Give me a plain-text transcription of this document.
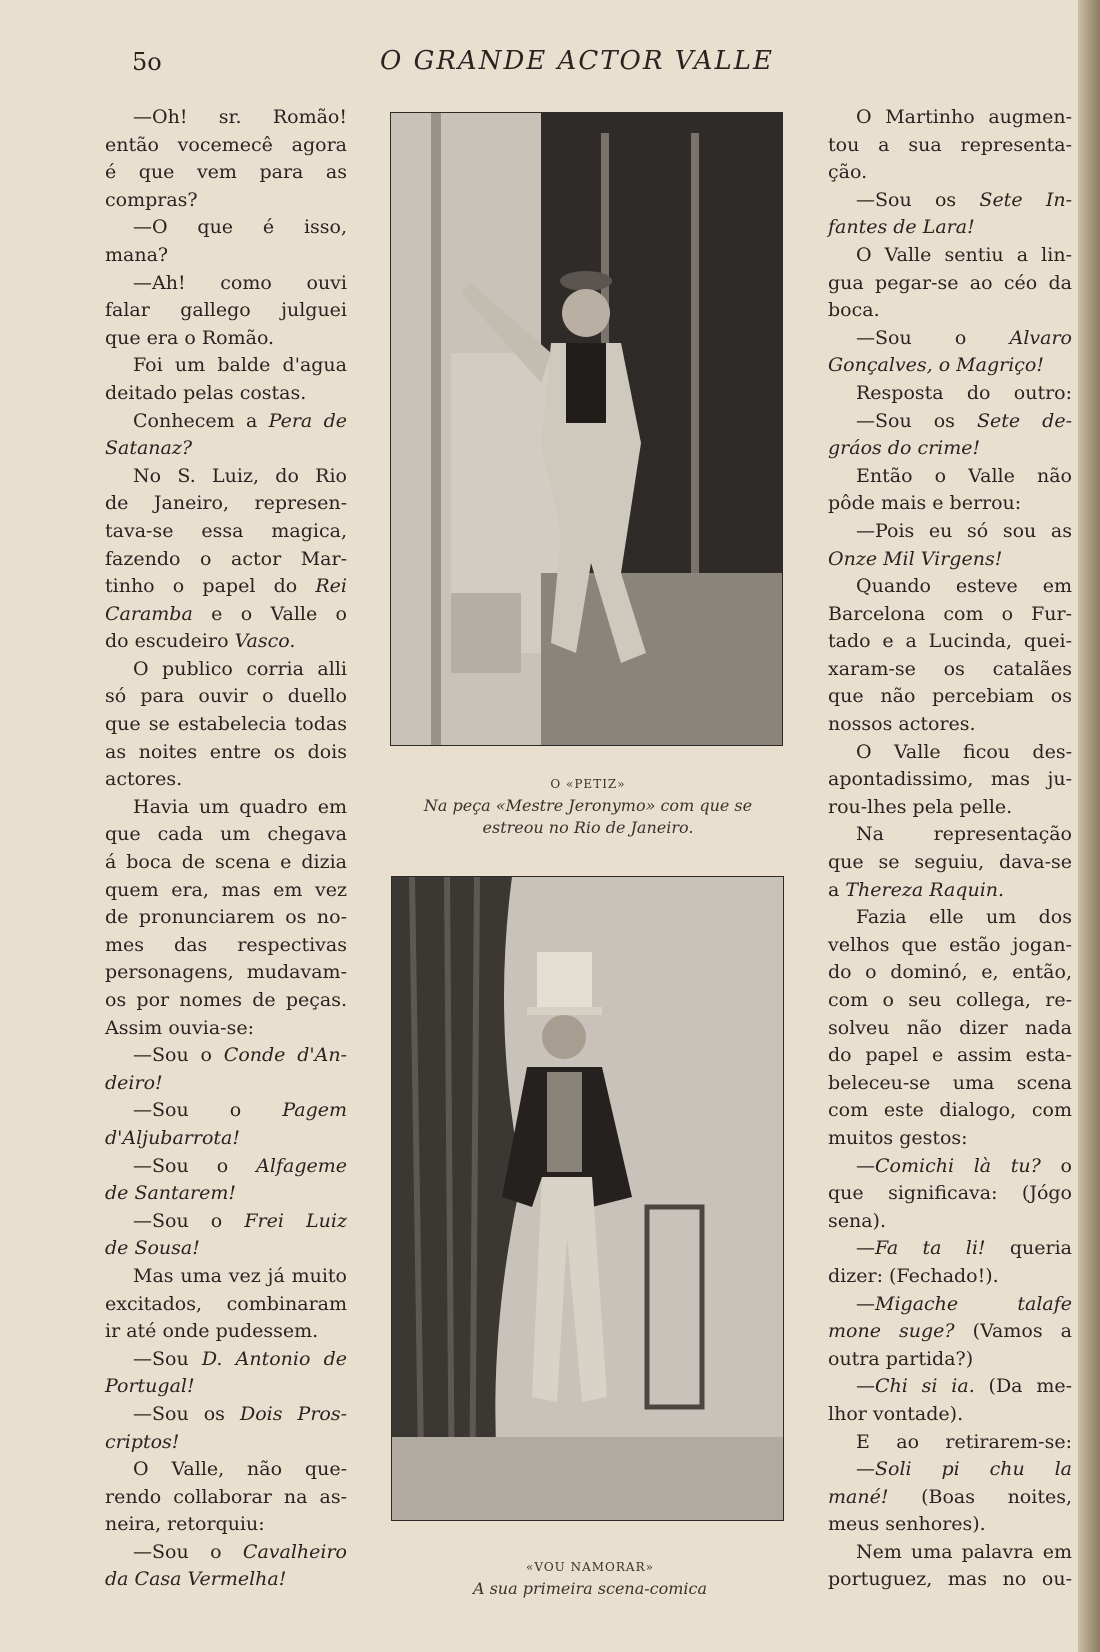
5o	O GRANDE ACTOR VALLE

—Oh! sr. Romão!

então vocemecê agora

é que vem para as

compras?

—O que é isso,

mana?

—Ah! como ouvi

falar gallego julguei

que era o Romão.

Foi um balde d'agua

deitado pelas costas.

Conhecem a Pera de

Satanaz?

No S. Luiz, do Rio

de Janeiro, represen-

tava-se essa magica,

fazendo o actor Mar-

tinho o papel do Rei

Caramba e o Valle o

do escudeiro Vasco.

O publico corria alli

só para ouvir o duello

que se estabelecia todas

as noites entre os dois

actores.

Havia um quadro em

que cada um chegava

á boca de scena e dizia

quem era, mas em vez

de pronunciarem os no-

mes das respectivas

personagens, mudavam-

os por nomes de peças.

Assim ouvia-se:

—Sou o Conde d'An-

deiro!

—Sou o Pagem

d'Aljubarrota!

—Sou o Alfageme

de Santarem!

—Sou o Frei Luiz

de Sousa!

Mas uma vez já muito

excitados, combinaram

ir até onde pudessem.

—Sou D. Antonio de

Portugal!

—Sou os Dois Pros-

criptos!

O Valle, não que-

rendo collaborar na as-

neira, retorquiu:

—Sou o Cavalheiro

da Casa Vermelha!

O «PETIZ»
Na peça «Mestre Jeronymo» com que se
estreou no Rio de Janeiro.
«VOU NAMORAR»
A sua primeira scena-comica

O Martinho augmen-

tou a sua representa-

ção.

—Sou os Sete In-

fantes de Lara!

O Valle sentiu a lin-

gua pegar-se ao céo da

boca.

—Sou o Alvaro

Gonçalves, o Magriço!

Resposta do outro:

—Sou os Sete de-

gráos do crime!

Então o Valle não

pôde mais e berrou:

—Pois eu só sou as

Onze Mil Virgens!

Quando esteve em

Barcelona com o Fur-

tado e a Lucinda, quei-

xaram-se os catalães

que não percebiam os

nossos actores.

O Valle ficou des-

apontadissimo, mas ju-

rou-lhes pela pelle.

Na representação

que se seguiu, dava-se

a Thereza Raquin.

Fazia elle um dos

velhos que estão jogan-

do o dominó, e, então,

com o seu collega, re-

solveu não dizer nada

do papel e assim esta-

beleceu-se uma scena

com este dialogo, com

muitos gestos:

—Comichi là tu? o

que significava: (Jógo

sena).

—Fa ta li! queria

dizer: (Fechado!).

—Migache talafe

mone suge? (Vamos a

outra partida?)

—Chi si ia. (Da me-

lhor vontade).

E ao retirarem-se:

—Soli pi chu la

mané! (Boas noites,

meus senhores).

Nem uma palavra em

portuguez, mas no ou-
